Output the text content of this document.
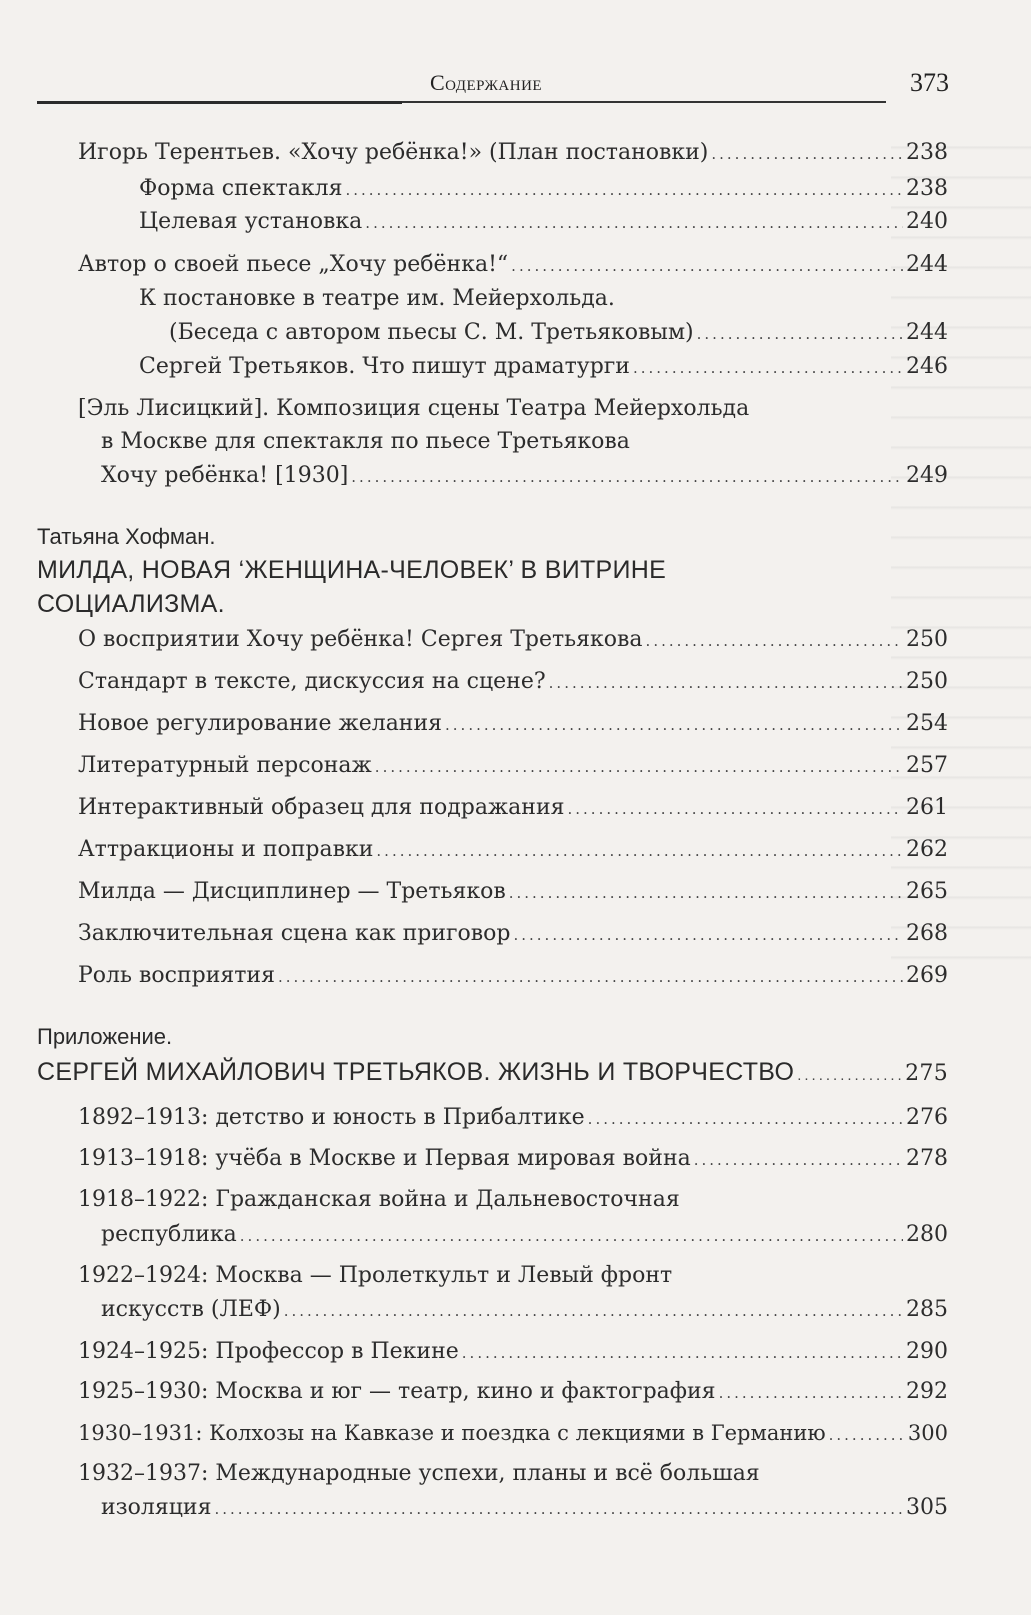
Содержание	373
Игорь Терентьев. «Хочу ребёнка!» (План постановки) .....	238
Форма спектакля .....	238
Целевая установка .....	240
Автор о своей пьесе „Хочу ребёнка!“ .....	244
К постановке в театре им. Мейерхольда.
(Беседа с автором пьесы С. М. Третьяковым) .....	244
Сергей Третьяков. Что пишут драматурги .....	246
[Эль Лисицкий]. Композиция сцены Театра Мейерхольда
в Москве для спектакля по пьесе Третьякова
Хочу ребёнка! [1930] .....	249
Татьяна Хофман.
МИЛДА, НОВАЯ ‘ЖЕНЩИНА-ЧЕЛОВЕК’ В ВИТРИНЕ
СОЦИАЛИЗМА.
О восприятии Хочу ребёнка! Сергея Третьякова .....	250
Стандарт в тексте, дискуссия на сцене? .....	250
Новое регулирование желания .....	254
Литературный персонаж .....	257
Интерактивный образец для подражания .....	261
Аттракционы и поправки .....	262
Милда — Дисциплинер — Третьяков .....	265
Заключительная сцена как приговор .....	268
Роль восприятия .....	269
Приложение.
СЕРГЕЙ МИХАЙЛОВИЧ ТРЕТЬЯКОВ. ЖИЗНЬ И ТВОРЧЕСТВО .....	275
1892–1913: детство и юность в Прибалтике .....	276
1913–1918: учёба в Москве и Первая мировая война .....	278
1918–1922: Гражданская война и Дальневосточная
республика .....	280
1922–1924: Москва — Пролеткульт и Левый фронт
искусств (ЛЕФ) .....	285
1924–1925: Профессор в Пекине .....	290
1925–1930: Москва и юг — театр, кино и фактография .....	292
1930–1931: Колхозы на Кавказе и поездка с лекциями в Германию .....	300
1932–1937: Международные успехи, планы и всё большая
изоляция .....	305
